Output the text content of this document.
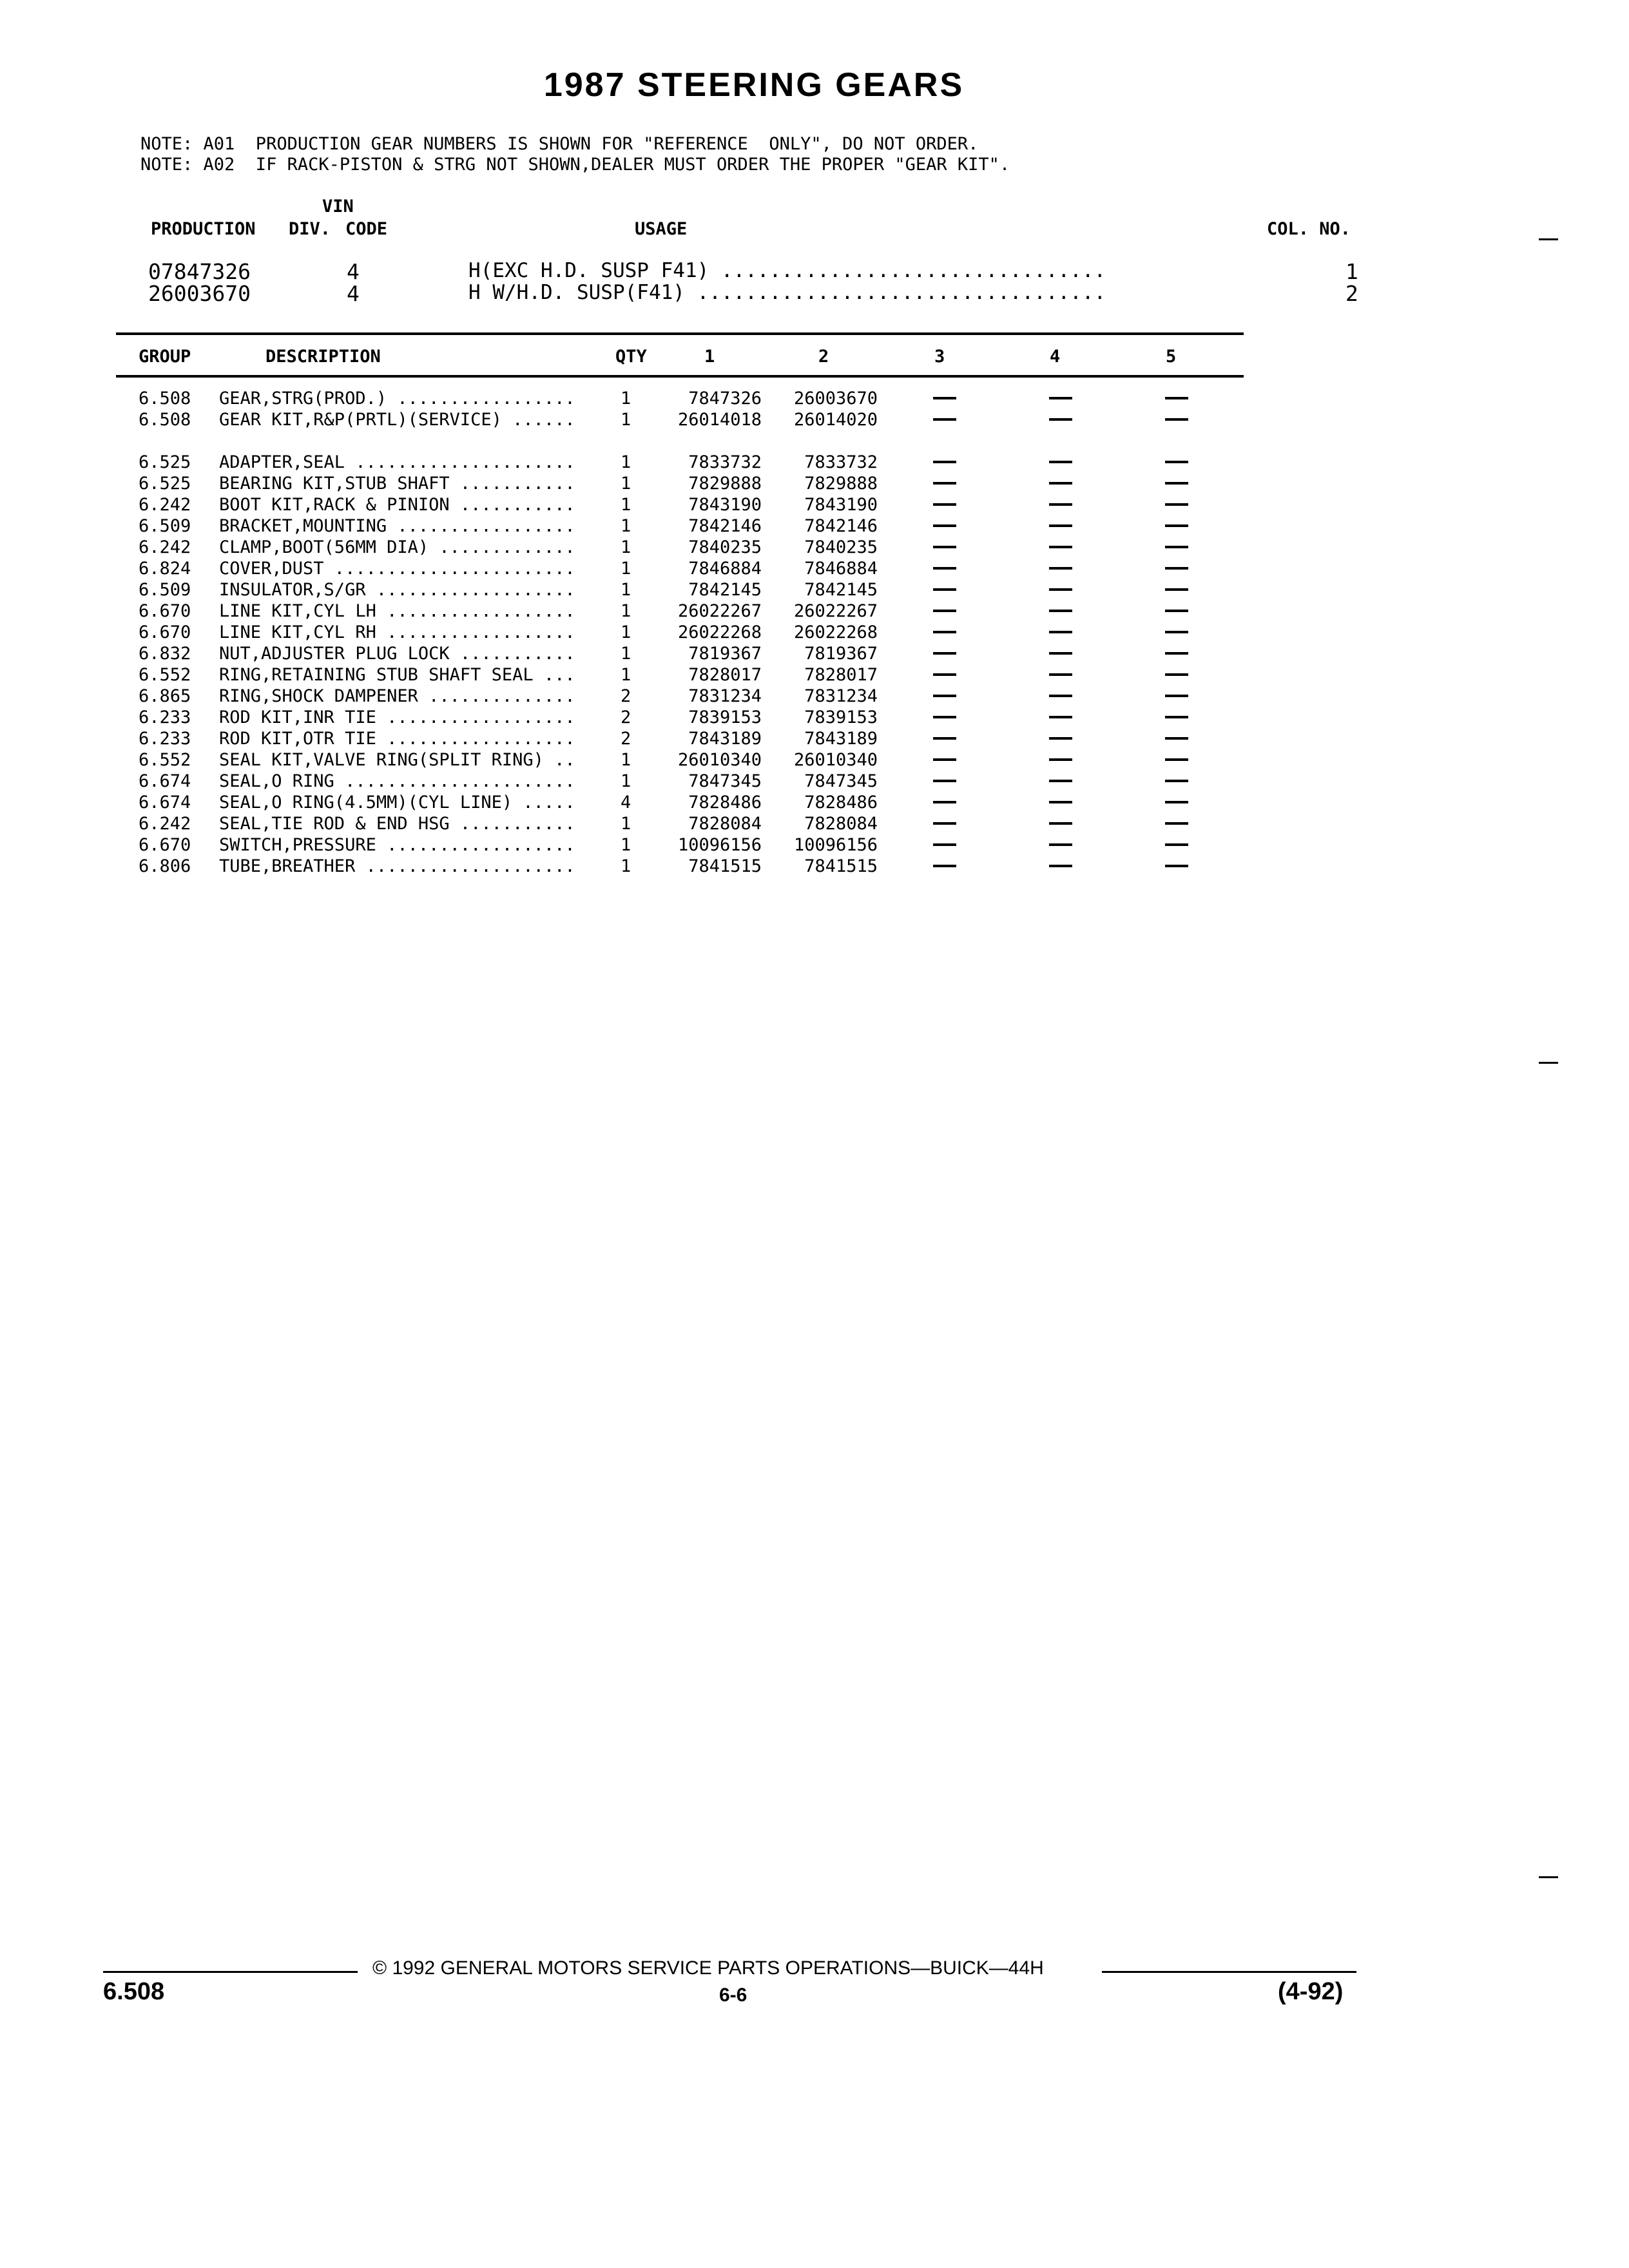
1987 STEERING GEARS
NOTE: A01  PRODUCTION GEAR NUMBERS IS SHOWN FOR "REFERENCE  ONLY", DO NOT ORDER.
NOTE: A02  IF RACK-PISTON & STRG NOT SHOWN,DEALER MUST ORDER THE PROPER "GEAR KIT".
VIN
PRODUCTION DIV. CODE	USAGE	COL. NO.
07847326	4	H(EXC H.D. SUSP F41) ................................	1
26003670	4	H W/H.D. SUSP(F41) ..................................	2
GROUP	DESCRIPTION	QTY	1	2	3	4	5
6.508 GEAR,STRG(PROD.) .................	1	7847326	26003670
6.508 GEAR KIT,R&P(PRTL)(SERVICE) ......	1	26014018	26014020
6.525 ADAPTER,SEAL .....................	1	7833732	7833732
6.525 BEARING KIT,STUB SHAFT ...........	1	7829888	7829888
6.242 BOOT KIT,RACK & PINION ...........	1	7843190	7843190
6.509 BRACKET,MOUNTING .................	1	7842146	7842146
6.242 CLAMP,BOOT(56MM DIA) .............	1	7840235	7840235
6.824 COVER,DUST .......................	1	7846884	7846884
6.509 INSULATOR,S/GR ...................	1	7842145	7842145
6.670 LINE KIT,CYL LH ..................	1	26022267	26022267
6.670 LINE KIT,CYL RH ..................	1	26022268	26022268
6.832 NUT,ADJUSTER PLUG LOCK ...........	1	7819367	7819367
6.552 RING,RETAINING STUB SHAFT SEAL ...	1	7828017	7828017
6.865 RING,SHOCK DAMPENER ..............	2	7831234	7831234
6.233 ROD KIT,INR TIE ..................	2	7839153	7839153
6.233 ROD KIT,OTR TIE ..................	2	7843189	7843189
6.552 SEAL KIT,VALVE RING(SPLIT RING) ..	1	26010340	26010340
6.674 SEAL,O RING ......................	1	7847345	7847345
6.674 SEAL,O RING(4.5MM)(CYL LINE) .....	4	7828486	7828486
6.242 SEAL,TIE ROD & END HSG ...........	1	7828084	7828084
6.670 SWITCH,PRESSURE ..................	1	10096156	10096156
6.806 TUBE,BREATHER ....................	1	7841515	7841515
© 1992 GENERAL MOTORS SERVICE PARTS OPERATIONS—BUICK—44H
6.508	6-6	(4-92)
